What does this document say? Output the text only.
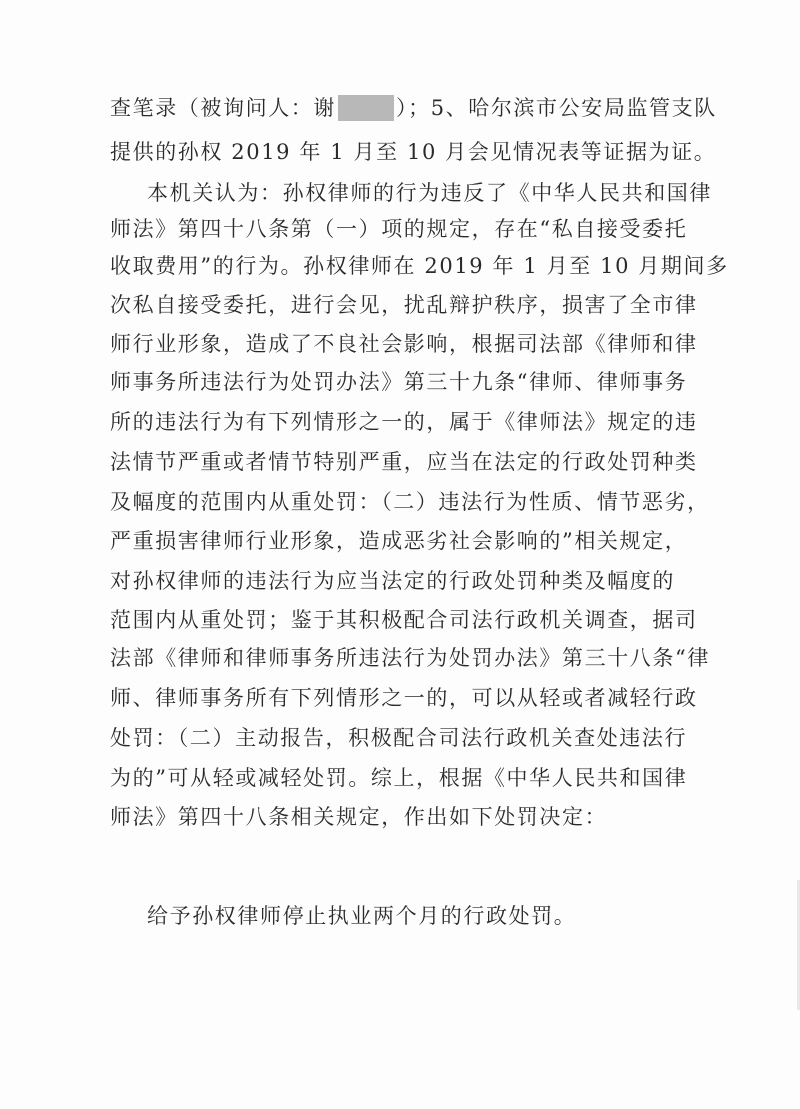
查笔录（被询问人：谢	）；5、哈尔滨市公安局监管支队
提供的孙权 2019 年 1 月至 10 月会见情况表等证据为证。
本机关认为：孙权律师的行为违反了《中华人民共和国律
师法》第四十八条第（一）项的规定，存在“私自接受委托
收取费用”的行为。孙权律师在 2019 年 1 月至 10 月期间多
次私自接受委托，进行会见，扰乱辩护秩序，损害了全市律
师行业形象，造成了不良社会影响，根据司法部《律师和律
师事务所违法行为处罚办法》第三十九条“律师、律师事务
所的违法行为有下列情形之一的，属于《律师法》规定的违
法情节严重或者情节特别严重，应当在法定的行政处罚种类
及幅度的范围内从重处罚：（二）违法行为性质、情节恶劣，
严重损害律师行业形象，造成恶劣社会影响的”相关规定，
对孙权律师的违法行为应当法定的行政处罚种类及幅度的
范围内从重处罚；鉴于其积极配合司法行政机关调查，据司
法部《律师和律师事务所违法行为处罚办法》第三十八条“律
师、律师事务所有下列情形之一的，可以从轻或者减轻行政
处罚：（二）主动报告，积极配合司法行政机关查处违法行
为的”可从轻或减轻处罚。综上，根据《中华人民共和国律
师法》第四十八条相关规定，作出如下处罚决定：
给予孙权律师停止执业两个月的行政处罚。
